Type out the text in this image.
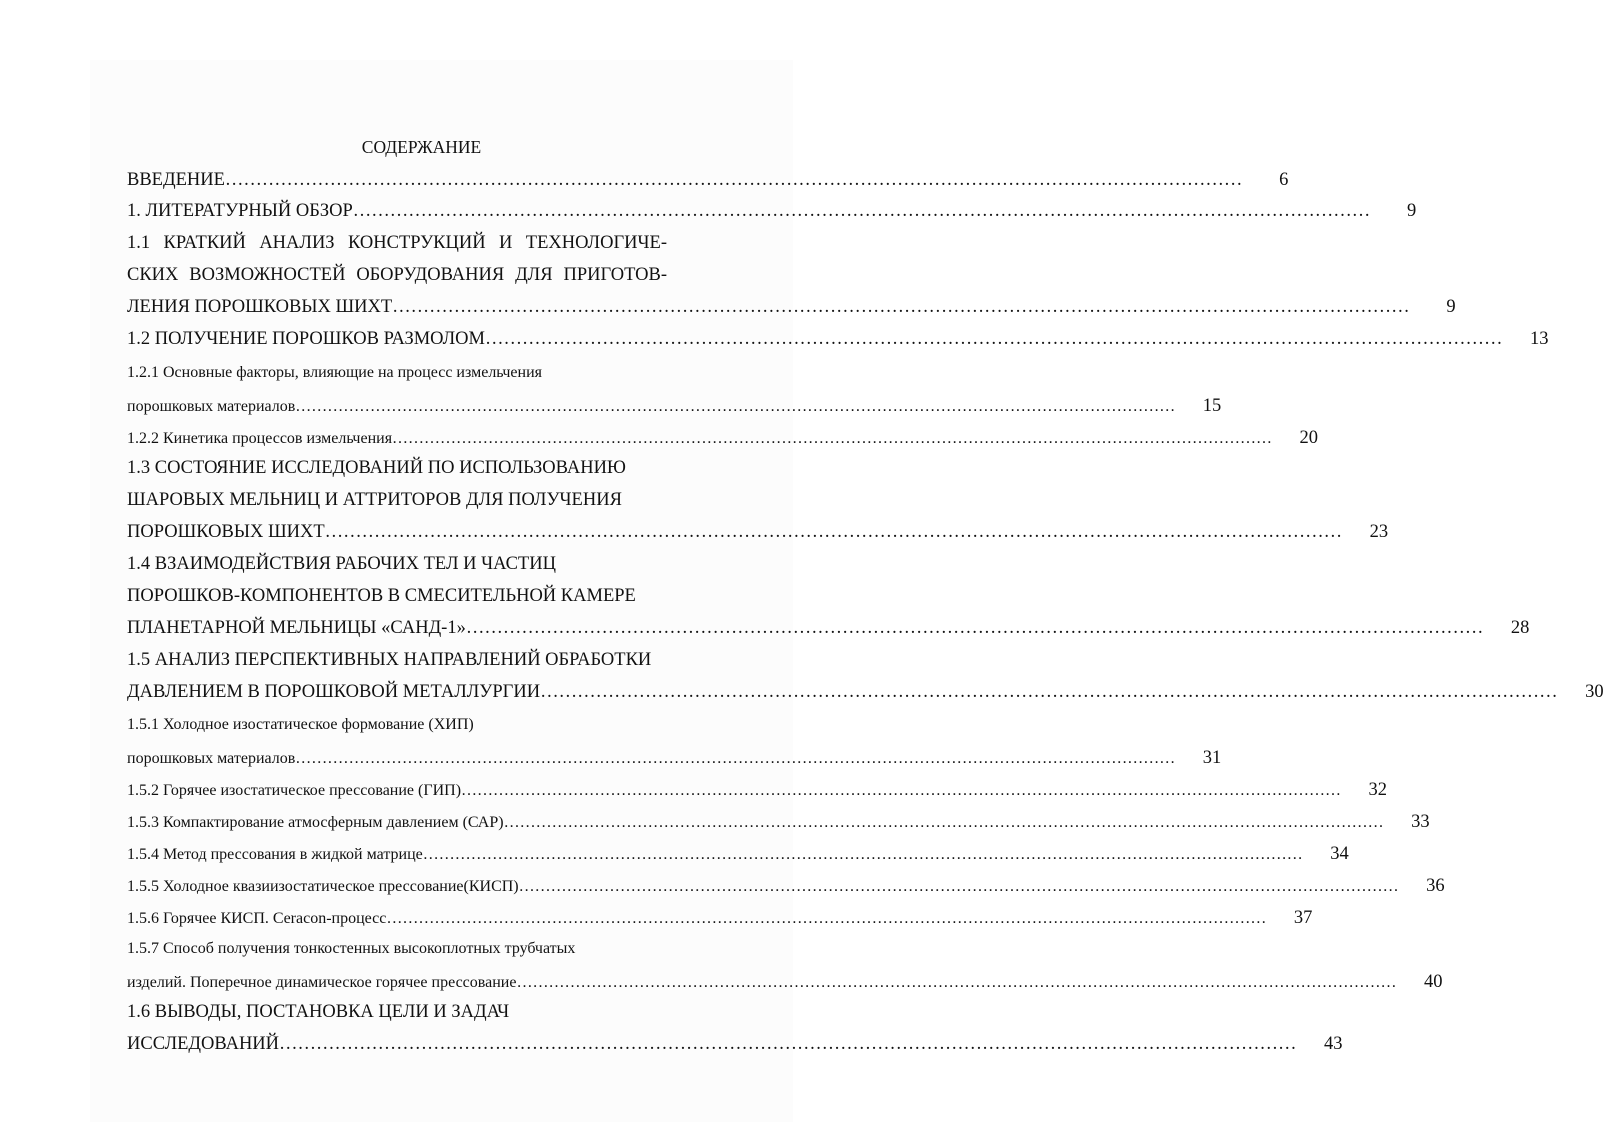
СОДЕРЖАНИЕ
ВВЕДЕНИЕ …………………………………………………………………………………………………………………………………………………	6
1. ЛИТЕРАТУРНЫЙ ОБЗОР …………………………………………………………………………………………………………………………………………………	9
1.1 КРАТКИЙ АНАЛИЗ КОНСТРУКЦИЙ И ТЕХНОЛОГИЧЕ-
СКИХ ВОЗМОЖНОСТЕЙ ОБОРУДОВАНИЯ ДЛЯ ПРИГОТОВ-
ЛЕНИЯ ПОРОШКОВЫХ ШИХТ …………………………………………………………………………………………………………………………………………………	9
1.2 ПОЛУЧЕНИЕ ПОРОШКОВ РАЗМОЛОМ …………………………………………………………………………………………………………………………………………………	13
1.2.1 Основные факторы, влияющие на процесс измельчения
порошковых материалов …………………………………………………………………………………………………………………………………………………	15
1.2.2 Кинетика процессов измельчения …………………………………………………………………………………………………………………………………………………	20
1.3 СОСТОЯНИЕ ИССЛЕДОВАНИЙ ПО ИСПОЛЬЗОВАНИЮ
ШАРОВЫХ МЕЛЬНИЦ И АТТРИТОРОВ ДЛЯ ПОЛУЧЕНИЯ
ПОРОШКОВЫХ ШИХТ …………………………………………………………………………………………………………………………………………………	23
1.4 ВЗАИМОДЕЙСТВИЯ РАБОЧИХ ТЕЛ И ЧАСТИЦ
ПОРОШКОВ-КОМПОНЕНТОВ В СМЕСИТЕЛЬНОЙ КАМЕРЕ
ПЛАНЕТАРНОЙ МЕЛЬНИЦЫ «САНД-1» …………………………………………………………………………………………………………………………………………………	28
1.5 АНАЛИЗ ПЕРСПЕКТИВНЫХ НАПРАВЛЕНИЙ ОБРАБОТКИ
ДАВЛЕНИЕМ В ПОРОШКОВОЙ МЕТАЛЛУРГИИ …………………………………………………………………………………………………………………………………………………	30
1.5.1 Холодное изостатическое формование (ХИП)
порошковых материалов …………………………………………………………………………………………………………………………………………………	31
1.5.2 Горячее изостатическое прессование (ГИП) …………………………………………………………………………………………………………………………………………………	32
1.5.3 Компактирование атмосферным давлением (САР) …………………………………………………………………………………………………………………………………………………	33
1.5.4 Метод прессования в жидкой матрице …………………………………………………………………………………………………………………………………………………	34
1.5.5 Холодное квазиизостатическое прессование(КИСП) …………………………………………………………………………………………………………………………………………………	36
1.5.6 Горячее КИСП. Ceracon-процесс …………………………………………………………………………………………………………………………………………………	37
1.5.7 Способ получения тонкостенных высокоплотных трубчатых
изделий. Поперечное динамическое горячее прессование …………………………………………………………………………………………………………………………………………………	40
1.6 ВЫВОДЫ, ПОСТАНОВКА ЦЕЛИ И ЗАДАЧ
ИССЛЕДОВАНИЙ …………………………………………………………………………………………………………………………………………………	43
